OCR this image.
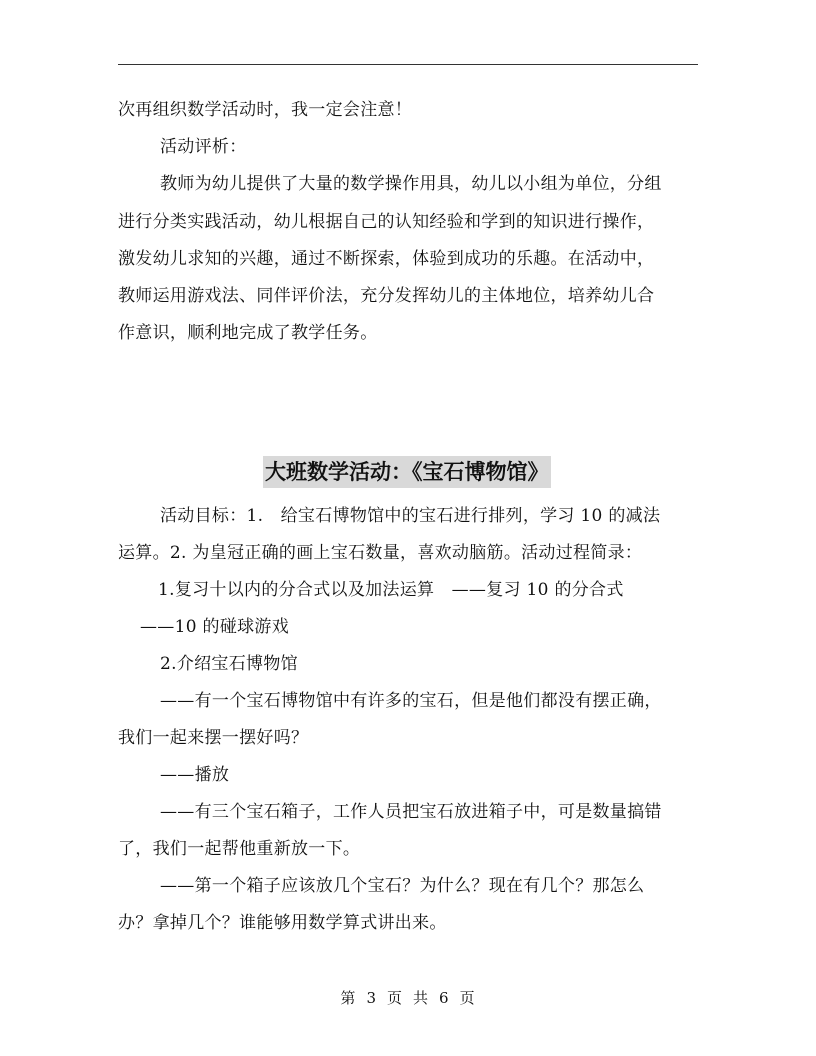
次再组织数学活动时，我一定会注意！
活动评析：
教师为幼儿提供了大量的数学操作用具，幼儿以小组为单位，分组
进行分类实践活动，幼儿根据自己的认知经验和学到的知识进行操作，
激发幼儿求知的兴趣，通过不断探索，体验到成功的乐趣。在活动中，
教师运用游戏法、同伴评价法，充分发挥幼儿的主体地位，培养幼儿合
作意识，顺利地完成了教学任务。
大班数学活动：《宝石博物馆》
活动目标：1.　给宝石博物馆中的宝石进行排列，学习 10 的减法
运算。2. 为皇冠正确的画上宝石数量，喜欢动脑筋。活动过程简录：
1.复习十以内的分合式以及加法运算　——复习 10 的分合式
——10 的碰球游戏
2.介绍宝石博物馆
——有一个宝石博物馆中有许多的宝石，但是他们都没有摆正确，
我们一起来摆一摆好吗？
——播放
——有三个宝石箱子，工作人员把宝石放进箱子中，可是数量搞错
了，我们一起帮他重新放一下。
——第一个箱子应该放几个宝石？为什么？现在有几个？那怎么
办？拿掉几个？谁能够用数学算式讲出来。
第 3 页 共 6 页
